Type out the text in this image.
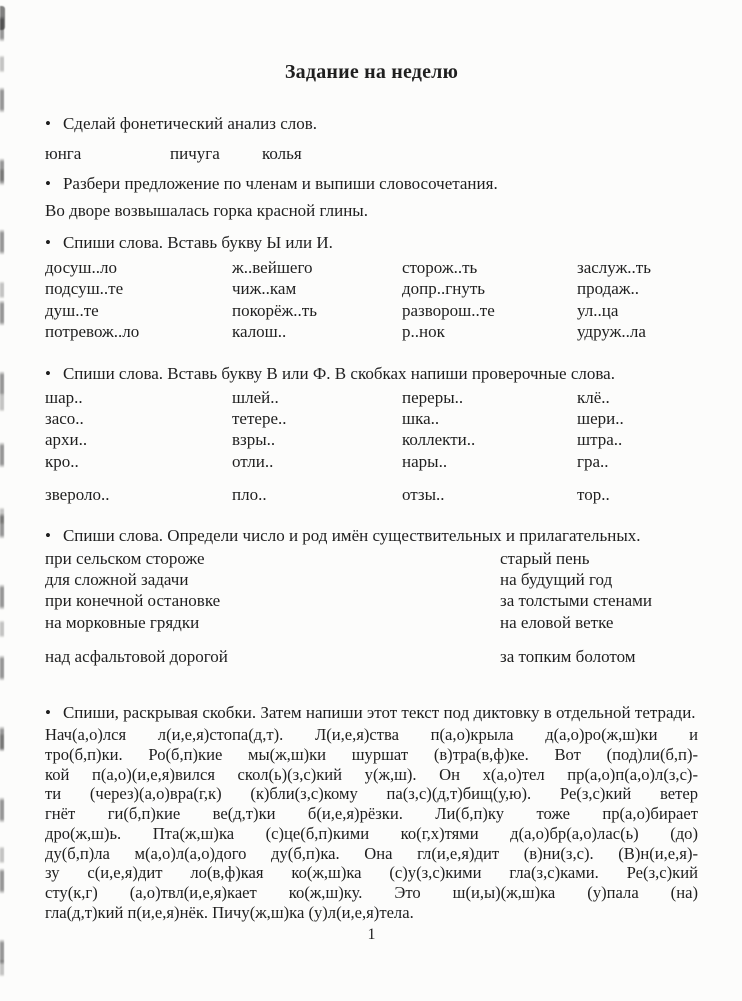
Задание на неделю
• Сделай фонетический анализ слов.
юнга	пичуга	колья
• Разбери предложение по членам и выпиши словосочетания.
Во дворе возвышалась горка красной глины.
• Спиши слова. Вставь букву Ы или И.
досуш..ло	ж..вейшего	сторож..ть	заслуж..ть
подсуш..те	чиж..кам	допр..гнуть	продаж..
душ..те	покорёж..ть	разворош..те	ул..ца
потревож..ло	калош..	р..нок	удруж..ла
• Спиши слова. Вставь букву В или Ф. В скобках напиши проверочные слова.
шар..	шлей..	переры..	клё..
засо..	тетере..	шка..	шери..
архи..	взры..	коллекти..	штра..
кро..	отли..	нары..	гра..
звероло..	пло..	отзы..	тор..
• Спиши слова. Определи число и род имён существительных и прилагательных.
при сельском стороже	старый пень
для сложной задачи	на будущий год
при конечной остановке	за толстыми стенами
на морковные грядки	на еловой ветке
над асфальтовой дорогой	за топким болотом
• Спиши, раскрывая скобки. Затем напиши этот текст под диктовку в отдельной тетради.
Нач(а,о)лся л(и,е,я)стопа(д,т). Л(и,е,я)ства п(а,о)крыла д(а,о)ро(ж,ш)ки и
тро(б,п)ки. Ро(б,п)кие мы(ж,ш)ки шуршат (в)тра(в,ф)ке. Вот (под)ли(б,п)-
кой п(а,о)(и,е,я)вился скол(ь)(з,с)кий у(ж,ш). Он х(а,о)тел пр(а,о)п(а,о)л(з,с)-
ти (через)(а,о)вра(г,к) (к)бли(з,с)кому па(з,с)(д,т)бищ(у,ю). Ре(з,с)кий ветер
гнёт ги(б,п)кие ве(д,т)ки б(и,е,я)рёзки. Ли(б,п)ку тоже пр(а,о)бирает
дро(ж,ш)ь. Пта(ж,ш)ка (с)це(б,п)кими ко(г,х)тями д(а,о)бр(а,о)лас(ь) (до)
ду(б,п)ла м(а,о)л(а,о)дого ду(б,п)ка. Она гл(и,е,я)дит (в)ни(з,с). (В)н(и,е,я)-
зу с(и,е,я)дит ло(в,ф)кая ко(ж,ш)ка (с)у(з,с)кими гла(з,с)ками. Ре(з,с)кий
сту(к,г) (а,о)твл(и,е,я)кает ко(ж,ш)ку. Это ш(и,ы)(ж,ш)ка (у)пала (на)
гла(д,т)кий п(и,е,я)нёк. Пичу(ж,ш)ка (у)л(и,е,я)тела.
1
